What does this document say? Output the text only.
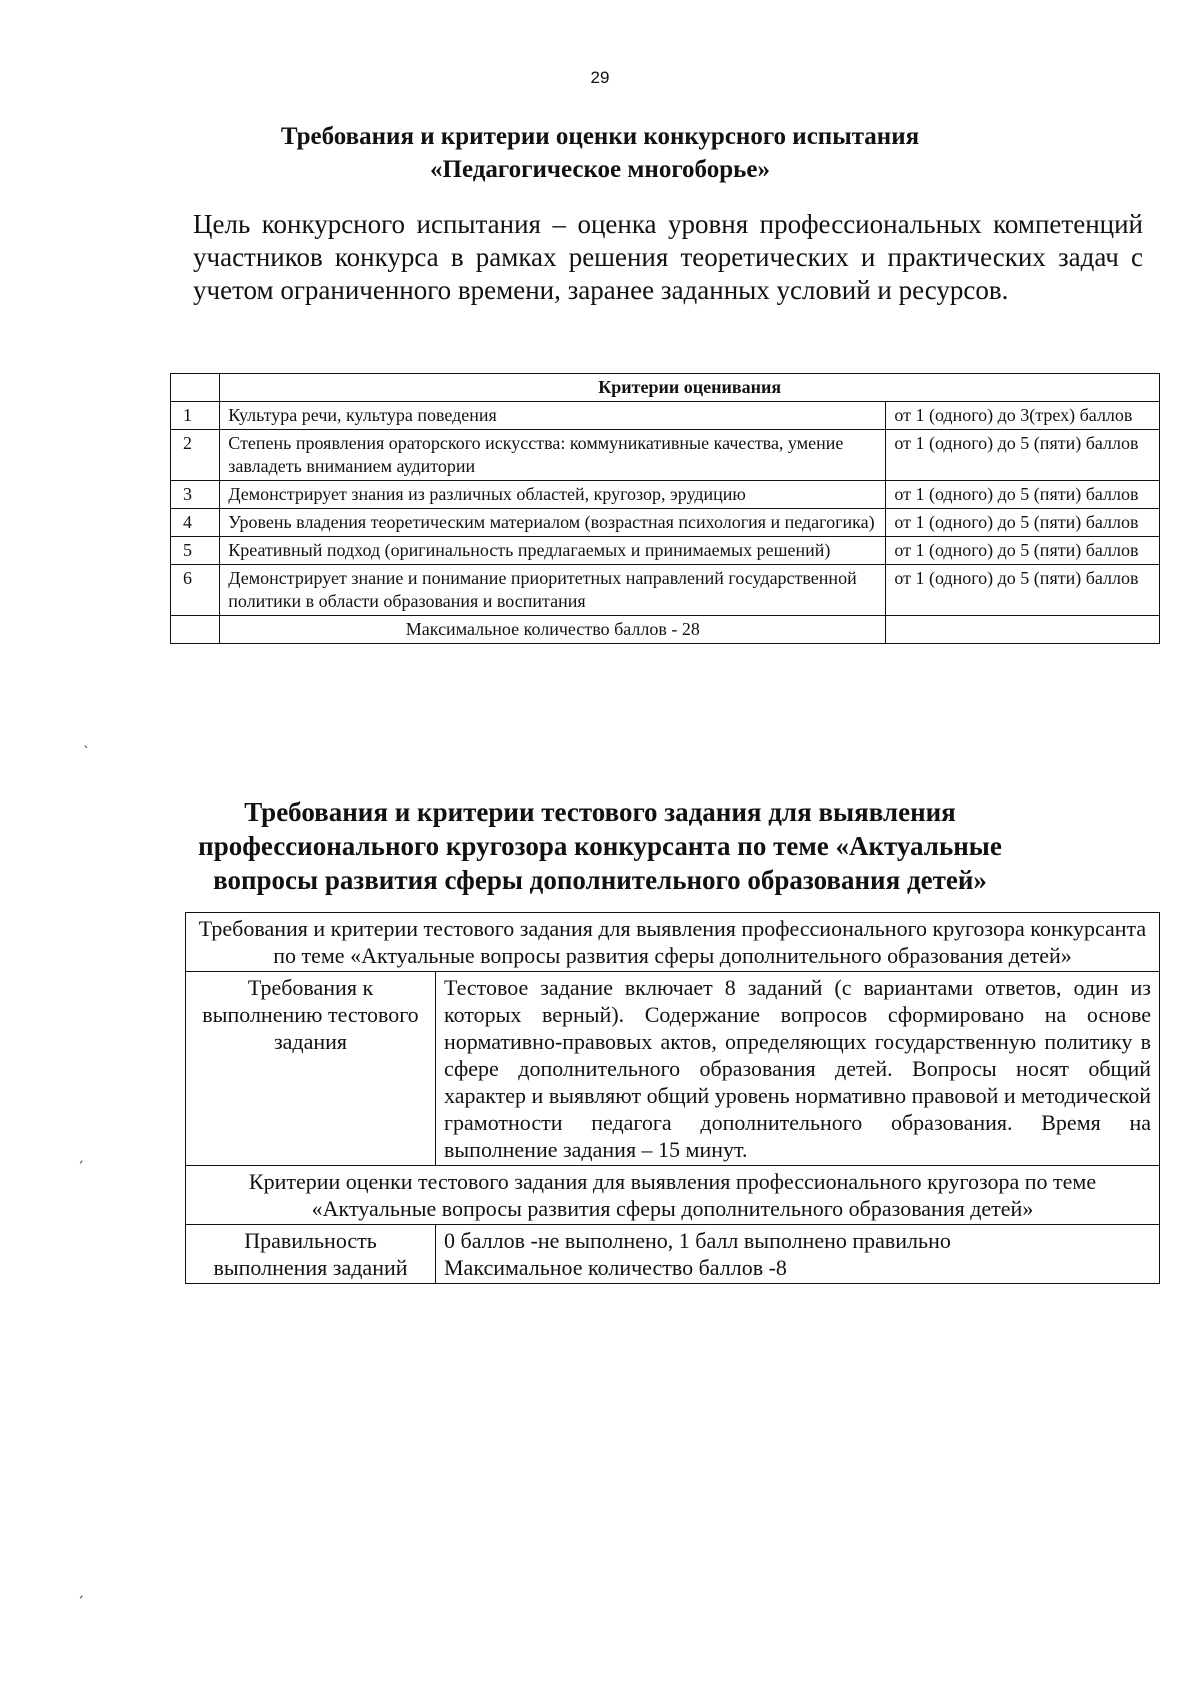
29
Требования и критерии оценки конкурсного испытания
«Педагогическое многоборье»

Цель конкурсного испытания – оценка уровня профессиональных компетенций участников конкурса в рамках решения теоретических и практических задач с учетом ограниченного времени, заранее заданных условий и ресурсов.

	Критерии оценивания	
1	Культура речи, культура поведения	от 1 (одного) до 3(трех) баллов
2	Степень проявления ораторского искусства: коммуникативные качества, умение завладеть вниманием аудитории	от 1 (одного) до 5 (пяти) баллов
3	Демонстрирует знания из различных областей, кругозор, эрудицию	от 1 (одного) до 5 (пяти) баллов
4	Уровень владения теоретическим материалом (возрастная психология и педагогика)	от 1 (одного) до 5 (пяти) баллов
5	Креативный подход (оригинальность предлагаемых и принимаемых решений)	от 1 (одного) до 5 (пяти) баллов
6	Демонстрирует знание и понимание приоритетных направлений государственной политики в области образования и воспитания	от 1 (одного) до 5 (пяти) баллов
	Максимальное количество баллов - 28	
ˋ
Требования и критерии тестового задания для выявления
профессионального кругозора конкурсанта по теме «Актуальные
вопросы развития сферы дополнительного образования детей»
Требования и критерии тестового задания для выявления профессионального кругозора конкурсанта по теме «Актуальные вопросы развития сферы дополнительного образования детей»	
Требования к выполнению тестового задания	Тестовое задание включает 8 заданий (с вариантами ответов, один из которых верный). Содержание вопросов сформировано на основе нормативно-правовых актов, определяющих государственную политику в сфере дополнительного образования детей. Вопросы носят общий характер и выявляют общий уровень нормативно правовой и методической грамотности педагога дополнительного образования. Время на выполнение задания – 15 минут.
Критерии оценки тестового задания для выявления профессионального кругозора по теме «Актуальные вопросы развития сферы дополнительного образования детей»	
Правильность выполнения заданий	0 баллов -не выполнено, 1 балл выполнено правильно
Максимальное количество баллов -8
ˏ
ˏ
